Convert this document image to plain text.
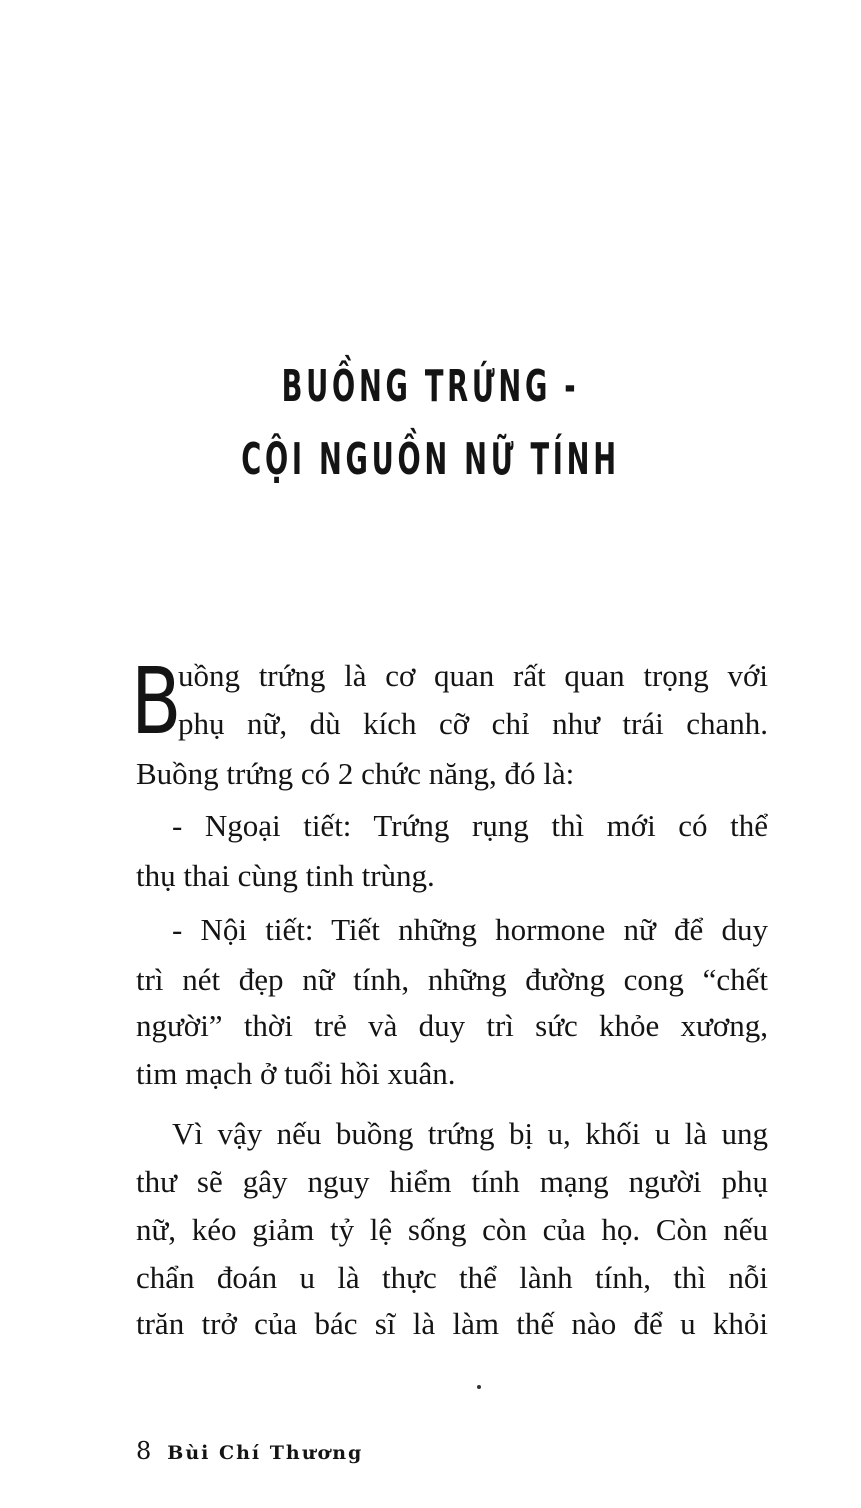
BUỒNG TRỨNG -
CỘI NGUỒN NỮ TÍNH
B
uồng trứng là cơ quan rất quan trọng với
phụ nữ, dù kích cỡ chỉ như trái chanh.
Buồng trứng có 2 chức năng, đó là:
- Ngoại tiết: Trứng rụng thì mới có thể
thụ thai cùng tinh trùng.
- Nội tiết: Tiết những hormone nữ để duy
trì nét đẹp nữ tính, những đường cong “chết
người” thời trẻ và duy trì sức khỏe xương,
tim mạch ở tuổi hồi xuân.
Vì vậy nếu buồng trứng bị u, khối u là ung
thư sẽ gây nguy hiểm tính mạng người phụ
nữ, kéo giảm tỷ lệ sống còn của họ. Còn nếu
chẩn đoán u là thực thể lành tính, thì nỗi
trăn trở của bác sĩ là làm thế nào để u khỏi
8 Bùi Chí Thương
